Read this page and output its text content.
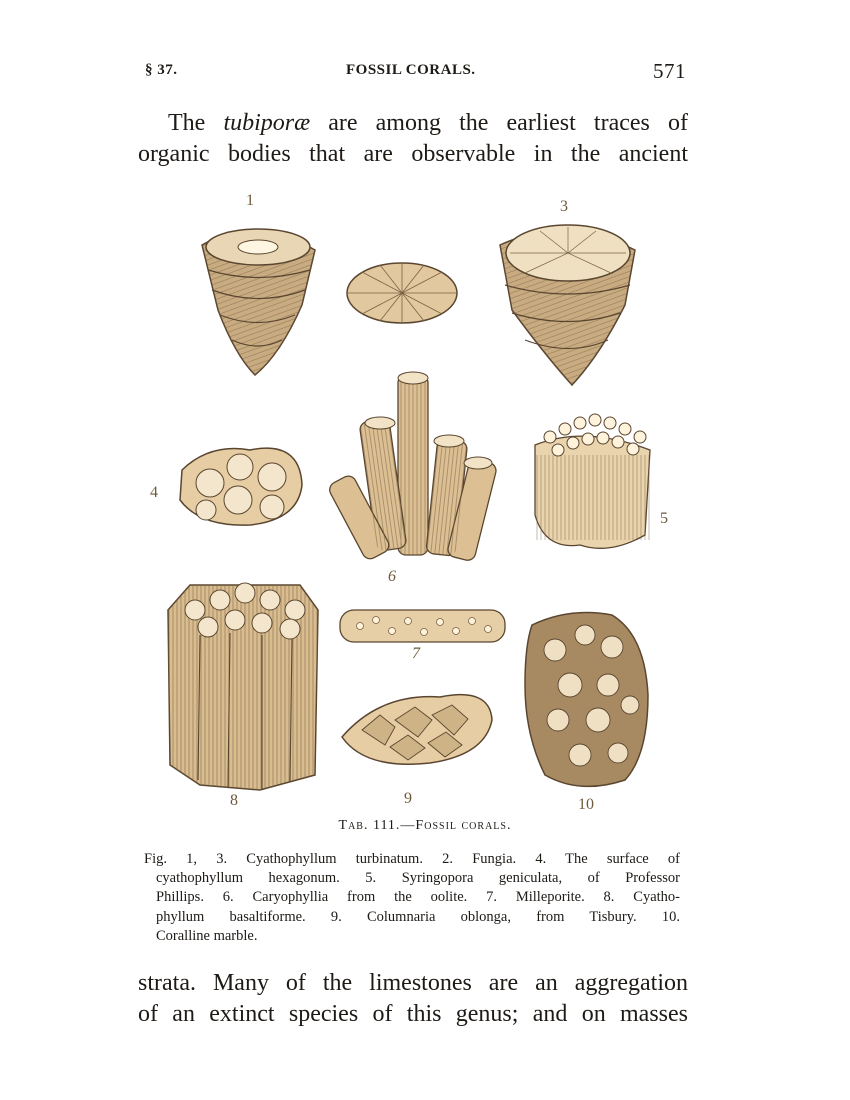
§ 37.	FOSSIL CORALS.	571
The tubiporæ are among the earliest traces of
organic bodies that are observable in the ancient
1	3
4
5
6
7
8	9	10
Tab. 111.—Fossil corals.
Fig. 1, 3. Cyathophyllum turbinatum. 2. Fungia. 4. The surface of
cyathophyllum hexagonum. 5. Syringopora geniculata, of Professor
Phillips. 6. Caryophyllia from the oolite. 7. Milleporite. 8. Cyatho-
phyllum basaltiforme. 9. Columnaria oblonga, from Tisbury. 10.
Coralline marble.
strata. Many of the limestones are an aggregation
of an extinct species of this genus; and on masses
